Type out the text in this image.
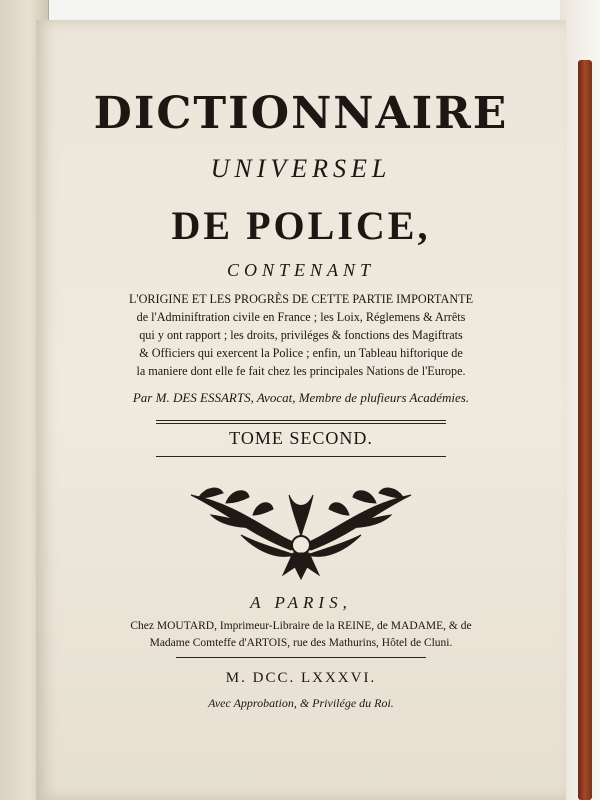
DICTIONNAIRE
UNIVERSEL
DE POLICE,
CONTENANT
L'ORIGINE ET LES PROGRÈS DE CETTE PARTIE IMPORTANTE
de l'Adminiftration civile en France ; les Loix, Réglemens & Arrêts
qui y ont rapport ; les droits, priviléges & fonctions des Magiftrats
& Officiers qui exercent la Police ; enfin, un Tableau hiftorique de
la maniere dont elle fe fait chez les principales Nations de l'Europe.
Par M. DES ESSARTS, Avocat, Membre de plufieurs Académies.
TOME SECOND.
A PARIS,
Chez MOUTARD, Imprimeur-Libraire de la REINE, de MADAME, & de
Madame Comteffe d'ARTOIS, rue des Mathurins, Hôtel de Cluni.
M. DCC. LXXXVI.
Avec Approbation, & Privilége du Roi.
